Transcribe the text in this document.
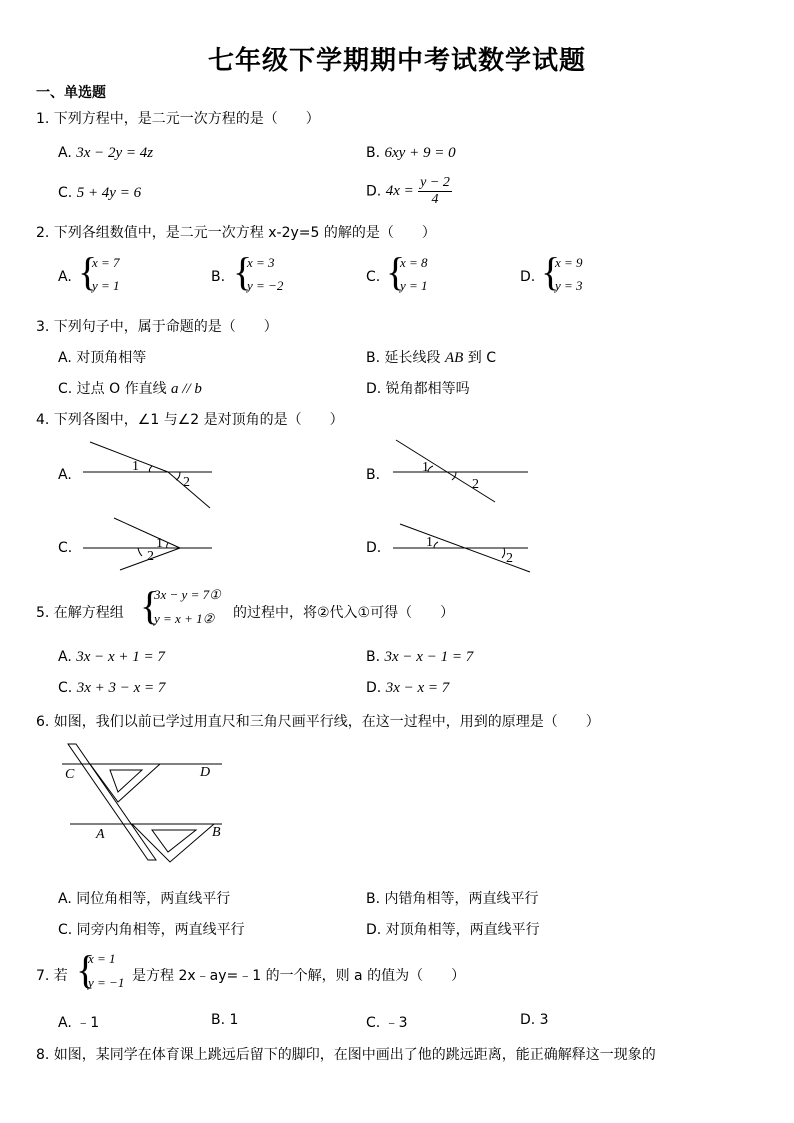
七年级下学期期中考试数学试题
一、单选题
1. 下列方程中，是二元一次方程的是（　　）
A. 3x − 2y = 4z	B. 6xy + 9 = 0
C. 5 + 4y = 6	D. $4x = \frac{y - 2}{4}$
2. 下列各组数值中，是二元一次方程 x-2y=5 的解的是（　　）
A. {
x = 7
y = 1
B. {
x = 3
y = −2
C. {
x = 8
y = 1
D. {
x = 9
y = 3
3. 下列句子中，属于命题的是（　　）
A. 对顶角相等	B. 延长线段 AB 到 C
C. 过点 O 作直线 a // b	D. 锐角都相等吗
4. 下列各图中，∠1 与∠2 是对顶角的是（　　）
A.
1
2	B.	1
2
C.	1
2
D.	1
2
5. 在解方程组 {
3x − y = 7①
y = x + 1② 的过程中，将②代入①可得（　　）
A. 3x − x + 1 = 7	B. 3x − x − 1 = 7
C. 3x + 3 − x = 7	D. 3x − x = 7
6. 如图，我们以前已学过用直尺和三角尺画平行线，在这一过程中，用到的原理是（　　）
C	D
A	B
A. 同位角相等，两直线平行	B. 内错角相等，两直线平行
C. 同旁内角相等，两直线平行	D. 对顶角相等，两直线平行
7. 若 {
x = 1
y = −1 是方程 2x﹣ay=﹣1 的一个解，则 a 的值为（　　）
A. ﹣1	B. 1	C. ﹣3	D. 3
8. 如图，某同学在体育课上跳远后留下的脚印，在图中画出了他的跳远距离，能正确解释这一现象的
